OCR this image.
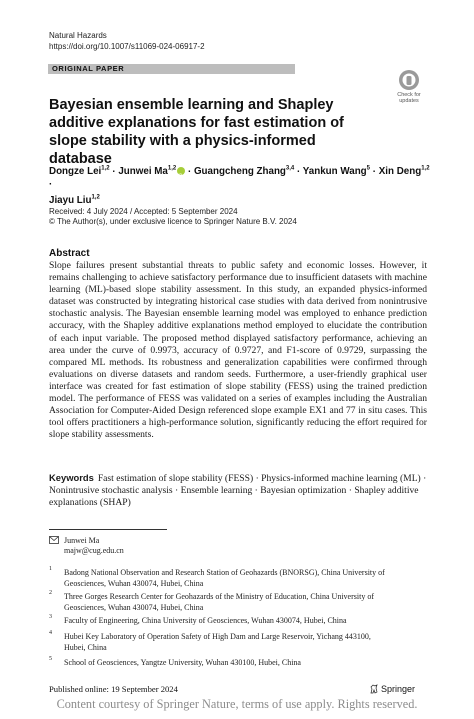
Natural Hazards
https://doi.org/10.1007/s11069-024-06917-2
ORIGINAL PAPER
Check for
updates
Bayesian ensemble learning and Shapley additive explanations for fast estimation of slope stability with a physics-informed database
Dongze Lei$^{1,2}$ · Junwei Ma$^{1,2}$iD · Guangcheng Zhang$^{3,4}$ · Yankun Wang$^5$ · Xin Deng$^{1,2}$ ·
Jiayu Liu$^{1,2}$
Received: 4 July 2024 / Accepted: 5 September 2024
© The Author(s), under exclusive licence to Springer Nature B.V. 2024
Abstract
Slope failures present substantial threats to public safety and economic losses. However, it remains challenging to achieve satisfactory performance due to insufficient datasets with machine learning (ML)-based slope stability assessment. In this study, an expanded physics-informed dataset was constructed by integrating historical case studies with data derived from nonintrusive stochastic analysis. The Bayesian ensemble learning model was employed to enhance prediction accuracy, with the Shapley additive explanations method employed to elucidate the contribution of each input variable. The proposed method displayed satisfactory performance, achieving an area under the curve of 0.9973, accuracy of 0.9727, and F1-score of 0.9729, surpassing the compared ML methods. Its robustness and generalization capabilities were confirmed through evaluations on diverse datasets and random seeds. Furthermore, a user-friendly graphical user interface was created for fast estimation of slope stability (FESS) using the trained prediction model. The performance of FESS was validated on a series of examples including the Australian Association for Computer-Aided Design referenced slope example EX1 and 77 in situ cases. This tool offers practitioners a high-performance solution, significantly reducing the effort required for slope stability assessments.
Keywords Fast estimation of slope stability (FESS) · Physics-informed machine learning (ML) · Nonintrusive stochastic analysis · Ensemble learning · Bayesian optimization · Shapley additive explanations (SHAP)
Junwei Ma
majw@cug.edu.cn
1 Badong National Observation and Research Station of Geohazards (BNORSG), China University of Geosciences, Wuhan 430074, Hubei, China
2 Three Gorges Research Center for Geohazards of the Ministry of Education, China University of Geosciences, Wuhan 430074, Hubei, China
3 Faculty of Engineering, China University of Geosciences, Wuhan 430074, Hubei, China
4 Hubei Key Laboratory of Operation Safety of High Dam and Large Reservoir, Yichang 443100, Hubei, China
5 School of Geosciences, Yangtze University, Wuhan 430100, Hubei, China
Published online: 19 September 2024	Springer
Content courtesy of Springer Nature, terms of use apply. Rights reserved.
